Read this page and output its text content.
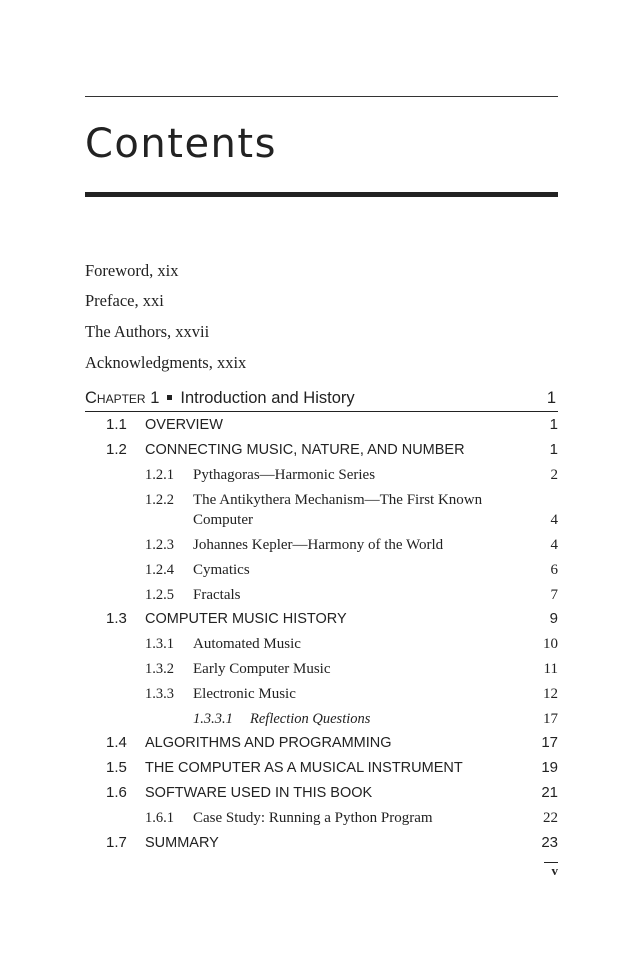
Contents
Foreword, xix
Preface, xxi
The Authors, xxvii
Acknowledgments, xxix
CHAPTER 1 Introduction and History	1
1.1 OVERVIEW	1
1.2 CONNECTING MUSIC, NATURE, AND NUMBER	1
1.2.1 Pythagoras—Harmonic Series	2
1.2.2 The Antikythera Mechanism—The First Known
Computer	4
1.2.3 Johannes Kepler—Harmony of the World	4
1.2.4 Cymatics	6
1.2.5 Fractals	7
1.3 COMPUTER MUSIC HISTORY	9
1.3.1 Automated Music	10
1.3.2 Early Computer Music	11
1.3.3 Electronic Music	12
1.3.3.1 Reflection Questions	17
1.4 ALGORITHMS AND PROGRAMMING	17
1.5 THE COMPUTER AS A MUSICAL INSTRUMENT	19
1.6 SOFTWARE USED IN THIS BOOK	21
1.6.1 Case Study: Running a Python Program	22
1.7 SUMMARY	23
v
